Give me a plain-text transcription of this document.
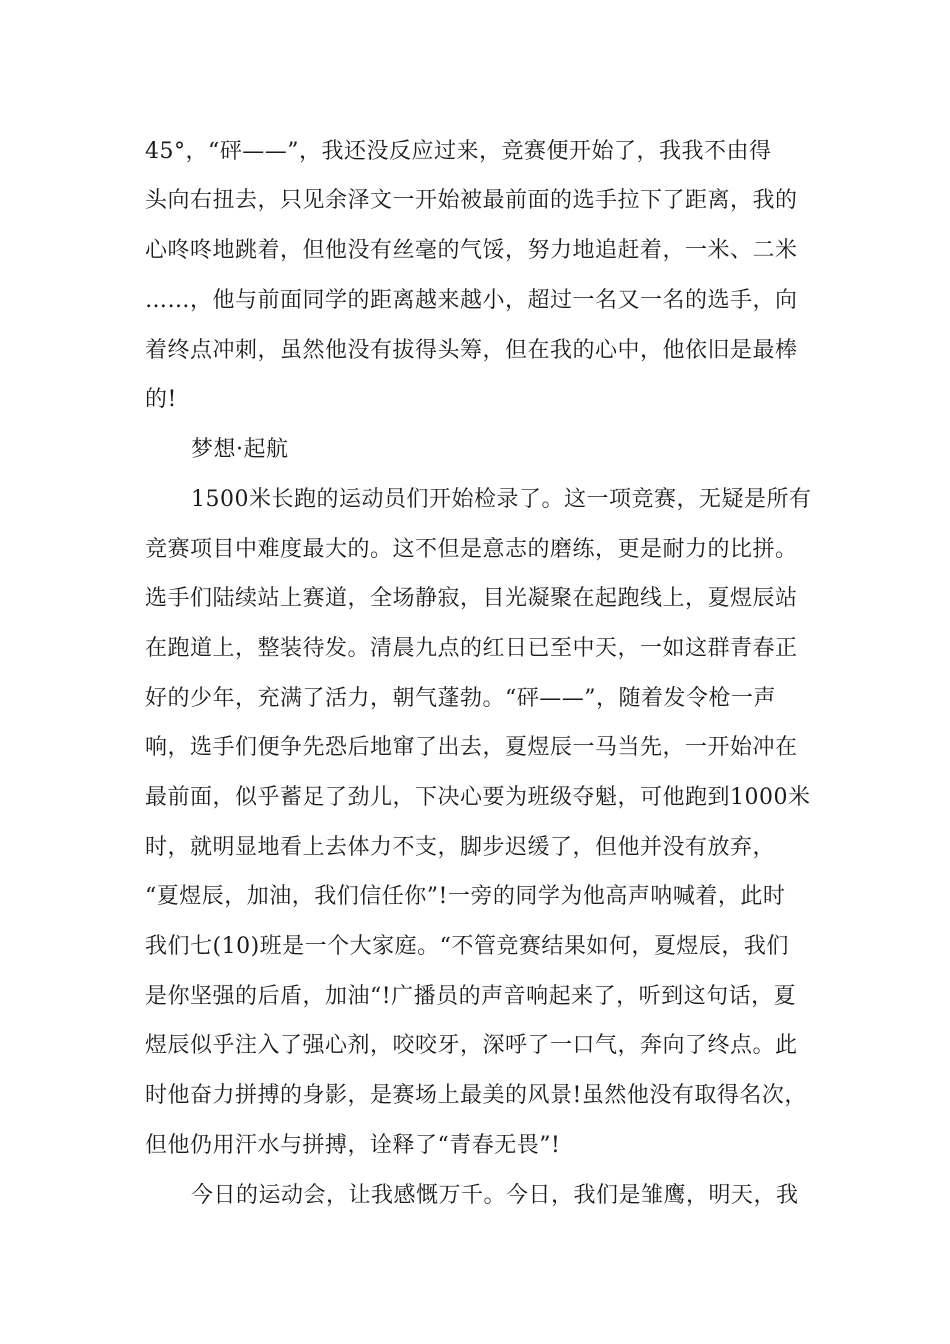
45°，“砰——”，我还没反应过来，竞赛便开始了，我我不由得
头向右扭去，只见余泽文一开始被最前面的选手拉下了距离，我的
心咚咚地跳着，但他没有丝毫的气馁，努力地追赶着，一米、二米
……，他与前面同学的距离越来越小，超过一名又一名的选手，向
着终点冲刺，虽然他没有拔得头筹，但在我的心中，他依旧是最棒
的!
梦想·起航
1500米长跑的运动员们开始检录了。这一项竞赛，无疑是所有
竞赛项目中难度最大的。这不但是意志的磨练，更是耐力的比拼。
选手们陆续站上赛道，全场静寂，目光凝聚在起跑线上，夏煜辰站
在跑道上，整装待发。清晨九点的红日已至中天，一如这群青春正
好的少年，充满了活力，朝气蓬勃。“砰——”，随着发令枪一声
响，选手们便争先恐后地窜了出去，夏煜辰一马当先，一开始冲在
最前面，似乎蓄足了劲儿，下决心要为班级夺魁，可他跑到1000米
时，就明显地看上去体力不支，脚步迟缓了，但他并没有放弃，
“夏煜辰，加油，我们信任你”!一旁的同学为他高声呐喊着，此时
我们七(10)班是一个大家庭。“不管竞赛结果如何，夏煜辰，我们
是你坚强的后盾，加油“!广播员的声音响起来了，听到这句话，夏
煜辰似乎注入了强心剂，咬咬牙，深呼了一口气，奔向了终点。此
时他奋力拼搏的身影，是赛场上最美的风景!虽然他没有取得名次，
但他仍用汗水与拼搏，诠释了“青春无畏”!
今日的运动会，让我感慨万千。今日，我们是雏鹰，明天，我
